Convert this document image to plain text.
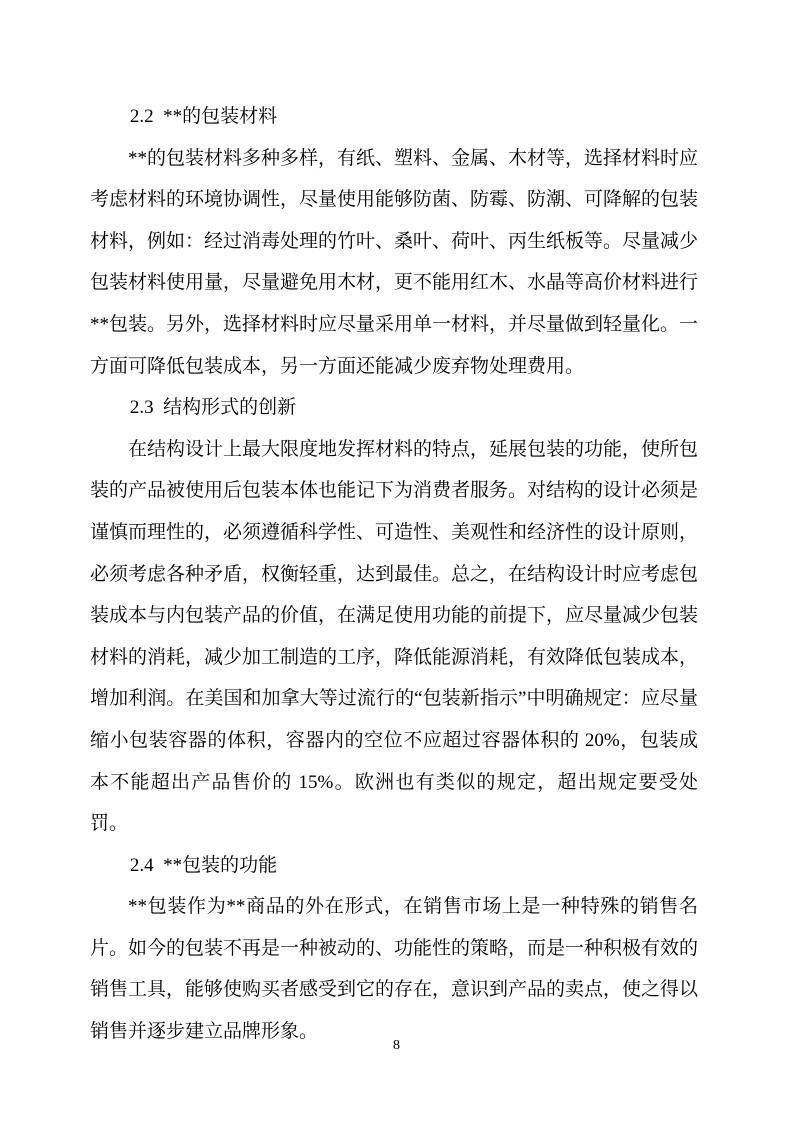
2.2  **的包装材料

**的包装材料多种多样，有纸、塑料、金属、木材等，选择材料时应考虑材料的环境协调性，尽量使用能够防菌、防霉、防潮、可降解的包装材料，例如：经过消毒处理的竹叶、桑叶、荷叶、丙生纸板等。尽量减少包装材料使用量，尽量避免用木材，更不能用红木、水晶等高价材料进行**包装。另外，选择材料时应尽量采用单一材料，并尽量做到轻量化。一方面可降低包装成本，另一方面还能减少废弃物处理费用。

2.3  结构形式的创新

在结构设计上最大限度地发挥材料的特点，延展包装的功能，使所包装的产品被使用后包装本体也能记下为消费者服务。对结构的设计必须是谨慎而理性的，必须遵循科学性、可造性、美观性和经济性的设计原则，必须考虑各种矛盾，权衡轻重，达到最佳。总之，在结构设计时应考虑包装成本与内包装产品的价值，在满足使用功能的前提下，应尽量减少包装材料的消耗，减少加工制造的工序，降低能源消耗，有效降低包装成本，增加利润。在美国和加拿大等过流行的“包装新指示”中明确规定：应尽量缩小包装容器的体积，容器内的空位不应超过容器体积的 20%，包装成本不能超出产品售价的 15%。欧洲也有类似的规定，超出规定要受处罚。

2.4  **包装的功能

**包装作为**商品的外在形式，在销售市场上是一种特殊的销售名片。如今的包装不再是一种被动的、功能性的策略，而是一种积极有效的销售工具，能够使购买者感受到它的存在，意识到产品的卖点，使之得以销售并逐步建立品牌形象。

8
